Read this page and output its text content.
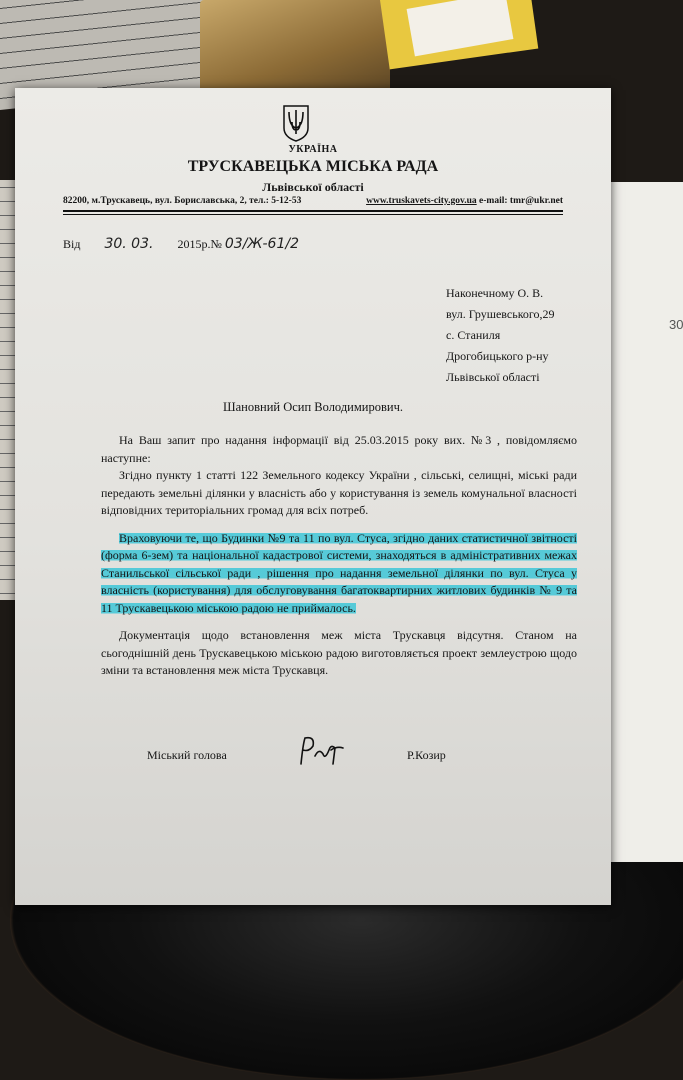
30
УКРАЇНА
ТРУСКАВЕЦЬКА МІСЬКА РАДА
Львівської області
82200, м.Трускавець, вул. Бориславська, 2, тел.: 5-12-53	www.truskavets-city.gov.ua e-mail: tmr@ukr.net
Від 30. 03. 2015р.№ 03/Ж-61/2
Наконечному О. В.
вул. Грушевського,29
с. Станиля
Дрогобицького р-ну
Львівської області
Шановний Осип Володимирович.

На Ваш запит про надання інформації від 25.03.2015 року вих. №3 , повідомляємо наступне:

Згідно пункту 1 статті 122 Земельного кодексу України , сільські, селищні, міські ради передають земельні ділянки у власність або у користування із земель комунальної власності відповідних територіальних громад для всіх потреб.

Враховуючи те, що Будинки №9 та 11 по вул. Стуса, згідно даних статистичної звітності (форма 6-зем) та національної кадастрової системи, знаходяться в адміністративних межах Станильської сільської ради , рішення про надання земельної ділянки по вул. Стуса у власність (користування) для обслуговування багатоквартирних житлових будинків № 9 та 11 Трускавецькою міською радою не приймалось.

Документація щодо встановлення меж міста Трускавця відсутня. Станом на сьогоднішній день Трускавецькою міською радою виготовляється проект землеустрою щодо зміни та встановлення меж міста Трускавця.

Міський голова	Р.Козир
